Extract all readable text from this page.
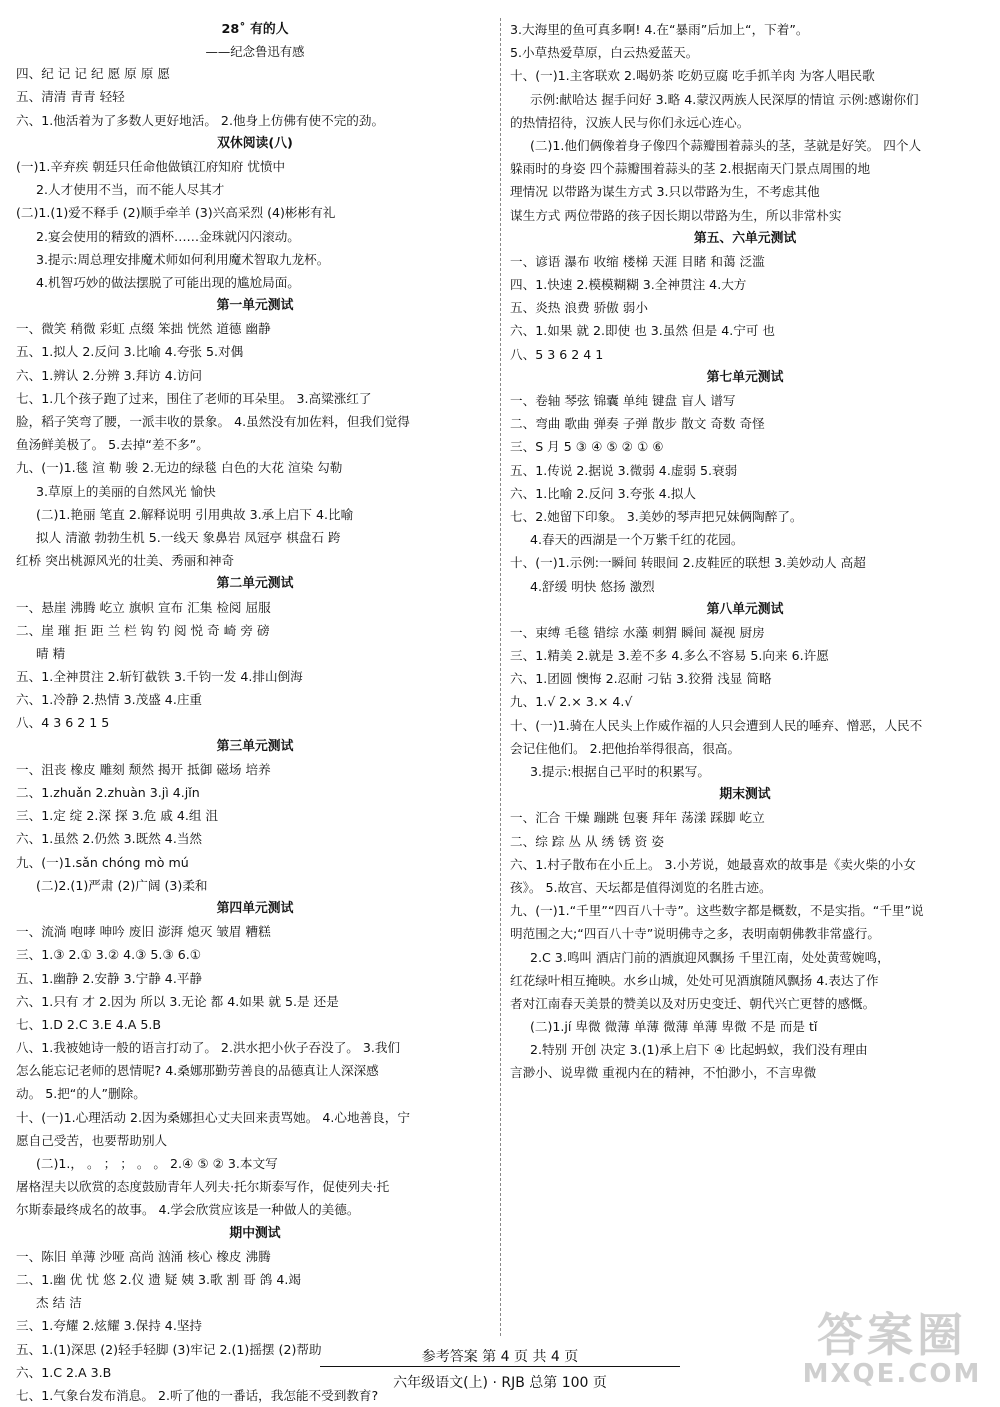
28˚ 有的人
——纪念鲁迅有感
四、纪 记 记 纪 愿 原 原 愿
五、清清 青青 轻轻
六、1.他活着为了多数人更好地活。 2.他身上仿佛有使不完的劲。
双休阅读(八)
(一)1.辛弃疾 朝廷只任命他做镇江府知府 忧愤中
2.人才使用不当，而不能人尽其才
(二)1.(1)爱不释手 (2)顺手牵羊 (3)兴高采烈 (4)彬彬有礼
2.宴会使用的精致的酒杯……金珠就闪闪滚动。
3.提示:周总理安排魔术师如何利用魔术智取九龙杯。
4.机智巧妙的做法摆脱了可能出现的尴尬局面。
第一单元测试
一、微笑 稍微 彩虹 点缀 笨拙 恍然 道德 幽静
五、1.拟人 2.反问 3.比喻 4.夸张 5.对偶
六、1.辨认 2.分辨 3.拜访 4.访问
七、1.几个孩子跑了过来，围住了老师的耳朵里。 3.高粱涨红了
脸，稻子笑弯了腰，一派丰收的景象。 4.虽然没有加佐料，但我们觉得
鱼汤鲜美极了。 5.去掉“差不多”。
九、(一)1.毯 渲 勒 骏 2.无边的绿毯 白色的大花 渲染 勾勒
3.草原上的美丽的自然风光 愉快
(二)1.艳丽 笔直 2.解释说明 引用典故 3.承上启下 4.比喻
拟人 清澈 勃勃生机 5.一线天 象鼻岩 凤冠亭 棋盘石 跨
红桥 突出桃源风光的壮美、秀丽和神奇
第二单元测试
一、悬崖 沸腾 屹立 旗帜 宣布 汇集 检阅 屈服
二、崖 璀 拒 距 兰 栏 钩 钓 阅 悦 奇 崎 旁 磅
晴 精
五、1.全神贯注 2.斩钉截铁 3.千钧一发 4.排山倒海
六、1.冷静 2.热情 3.茂盛 4.庄重
八、4 3 6 2 1 5
第三单元测试
一、沮丧 橡皮 雕刻 颓然 揭开 抵御 磁场 培养
二、1.zhuǎn 2.zhuàn 3.jì 4.jǐn
三、1.定 绽 2.深 探 3.危 戚 4.组 沮
六、1.虽然 2.仍然 3.既然 4.当然
九、(一)1.sǎn chóng mò mú
(二)2.(1)严肃 (2)广阔 (3)柔和
第四单元测试
一、流淌 咆哮 呻吟 废旧 澎湃 熄灭 皱眉 糟糕
三、1.③ 2.① 3.② 4.③ 5.③ 6.①
五、1.幽静 2.安静 3.宁静 4.平静
六、1.只有 才 2.因为 所以 3.无论 都 4.如果 就 5.是 还是
七、1.D 2.C 3.E 4.A 5.B
八、1.我被她诗一般的语言打动了。 2.洪水把小伙子吞没了。 3.我们
怎么能忘记老师的恩情呢? 4.桑娜那勤劳善良的品德真让人深深感
动。 5.把“的人”删除。
十、(一)1.心理活动 2.因为桑娜担心丈夫回来责骂她。 4.心地善良，宁
愿自己受苦，也要帮助别人
(二)1.， 。 ； ； 。 。 2.④ ⑤ ② 3.本文写
屠格涅夫以欣赏的态度鼓励青年人列夫·托尔斯泰写作，促使列夫·托
尔斯泰最终成名的故事。 4.学会欣赏应该是一种做人的美德。
期中测试
一、陈旧 单薄 沙哑 高尚 汹涌 核心 橡皮 沸腾
二、1.幽 优 忧 悠 2.仪 遗 疑 姨 3.歌 割 哥 鸽 4.竭
杰 结 洁
三、1.夸耀 2.炫耀 3.保持 4.坚持
五、1.(1)深思 (2)轻手轻脚 (3)牢记 2.(1)摇摆 (2)帮助
六、1.C 2.A 3.B
七、1.气象台发布消息。 2.听了他的一番话，我怎能不受到教育?
3.大海里的鱼可真多啊! 4.在“暴雨”后加上“，下着”。
5.小草热爱草原，白云热爱蓝天。
十、(一)1.主客联欢 2.喝奶茶 吃奶豆腐 吃手抓羊肉 为客人唱民歌
示例:献哈达 握手问好 3.略 4.蒙汉两族人民深厚的情谊 示例:感谢你们
的热情招待，汉族人民与你们永远心连心。
(二)1.他们俩像着身子像四个蒜瓣围着蒜头的茎，茎就是好笑。 四个人
躲雨时的身姿 四个蒜瓣围着蒜头的茎 2.根据南天门景点周围的地
理情况 以带路为谋生方式 3.只以带路为生，不考虑其他
谋生方式 两位带路的孩子因长期以带路为生，所以非常朴实
第五、六单元测试
一、谚语 瀑布 收缩 楼梯 天涯 目睹 和蔼 泛滥
四、1.快速 2.模模糊糊 3.全神贯注 4.大方
五、炎热 浪费 骄傲 弱小
六、1.如果 就 2.即使 也 3.虽然 但是 4.宁可 也
八、5 3 6 2 4 1
第七单元测试
一、卷轴 琴弦 锦囊 单纯 键盘 盲人 谱写
二、弯曲 歌曲 弹奏 子弹 散步 散文 奇数 奇怪
三、S 月 5 ③ ④ ⑤ ② ① ⑥
五、1.传说 2.据说 3.微弱 4.虚弱 5.衰弱
六、1.比喻 2.反问 3.夸张 4.拟人
七、2.她留下印象。 3.美妙的琴声把兄妹俩陶醉了。
4.春天的西湖是一个万紫千红的花园。
十、(一)1.示例:一瞬间 转眼间 2.皮鞋匠的联想 3.美妙动人 高超
4.舒缓 明快 悠扬 激烈
第八单元测试
一、束缚 毛毯 错综 水藻 刺猬 瞬间 凝视 厨房
三、1.精美 2.就是 3.差不多 4.多么不容易 5.向来 6.许愿
六、1.团圆 懊悔 2.忍耐 刁钻 3.狡猾 浅显 简略
九、1.√ 2.× 3.× 4.√
十、(一)1.骑在人民头上作威作福的人只会遭到人民的唾弃、憎恶，人民不
会记住他们。 2.把他抬举得很高，很高。
3.提示:根据自己平时的积累写。
期末测试
一、汇合 干燥 蹦跳 包裹 拜年 荡漾 踩脚 屹立
二、综 踪 丛 从 绣 锈 资 姿
六、1.村子散布在小丘上。 3.小芳说，她最喜欢的故事是《卖火柴的小女
孩》。 5.故宫、天坛都是值得浏览的名胜古迹。
九、(一)1.“千里”“四百八十寺”。这些数字都是概数，不是实指。“千里”说
明范围之大;“四百八十寺”说明佛寺之多，表明南朝佛教非常盛行。
2.C 3.鸣叫 酒店门前的酒旗迎风飘扬 千里江南，处处黄莺婉鸣，
红花绿叶相互掩映。水乡山城，处处可见酒旗随风飘扬 4.表达了作
者对江南春天美景的赞美以及对历史变迁、朝代兴亡更替的感慨。
(二)1.jí 卑微 微薄 单薄 微薄 单薄 卑微 不是 而是 tǐ
2.特别 开创 决定 3.(1)承上启下 ④ 比起蚂蚁，我们没有理由
言渺小、说卑微 重视内在的精神，不怕渺小，不言卑微
参考答案 第 4 页 共 4 页
六年级语文(上) · RJB 总第 100 页
答案圈
MXQE.COM
